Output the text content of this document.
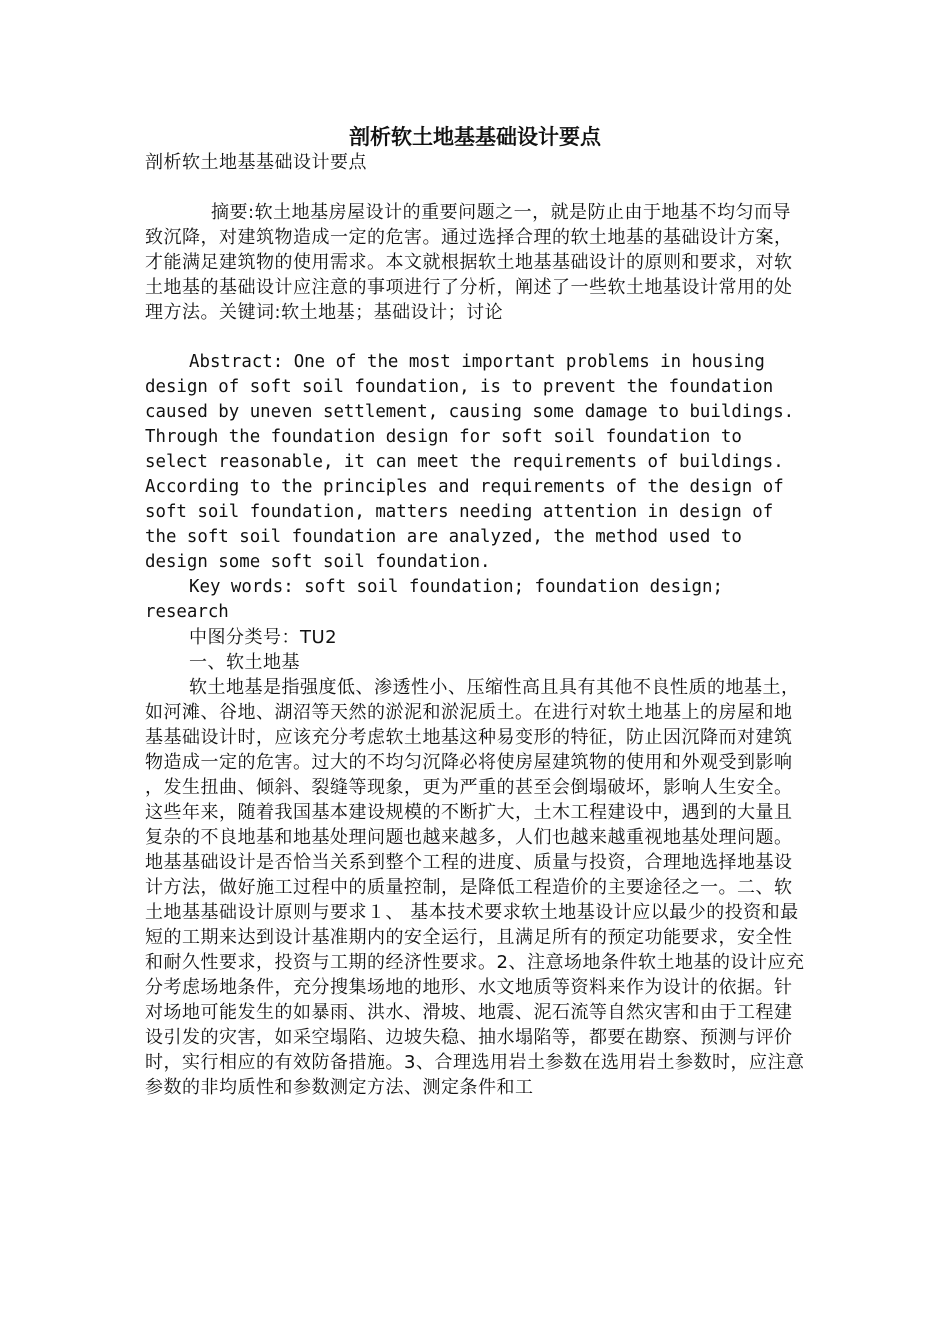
剖析软土地基基础设计要点

剖析软土地基基础设计要点

摘要:软土地基房屋设计的重要问题之一，就是防止由于地基不均匀而导致沉降，对建筑物造成一定的危害。通过选择合理的软土地基的基础设计方案，才能满足建筑物的使用需求。本文就根据软土地基基础设计的原则和要求，对软土地基的基础设计应注意的事项进行了分析，阐述了一些软土地基设计常用的处理方法。关键词:软土地基；基础设计；讨论

Abstract: One of the most important problems in housing design of soft soil foundation, is to prevent the foundation caused by uneven settlement, causing some damage to buildings. Through the foundation design for soft soil foundation to select reasonable, it can meet the requirements of buildings. According to the principles and requirements of the design of soft soil foundation, matters needing attention in design of the soft soil foundation are analyzed, the method used to design some soft soil foundation.

Key words: soft soil foundation; foundation design; research

中图分类号：TU2

一、软土地基

软土地基是指强度低、渗透性小、压缩性高且具有其他不良性质的地基土，如河滩、谷地、湖沼等天然的淤泥和淤泥质土。在进行对软土地基上的房屋和地基基础设计时，应该充分考虑软土地基这种易变形的特征，防止因沉降而对建筑物造成一定的危害。过大的不均匀沉降必将使房屋建筑物的使用和外观受到影响，发生扭曲、倾斜、裂缝等现象，更为严重的甚至会倒塌破坏，影响人生安全。这些年来，随着我国基本建设规模的不断扩大，土木工程建设中，遇到的大量且复杂的不良地基和地基处理问题也越来越多，人们也越来越重视地基处理问题。地基基础设计是否恰当关系到整个工程的进度、质量与投资，合理地选择地基设计方法，做好施工过程中的质量控制，是降低工程造价的主要途径之一。二、软土地基基础设计原则与要求１、 基本技术要求软土地基设计应以最少的投资和最短的工期来达到设计基准期内的安全运行，且满足所有的预定功能要求，安全性和耐久性要求，投资与工期的经济性要求。2、注意场地条件软土地基的设计应充分考虑场地条件，充分搜集场地的地形、水文地质等资料来作为设计的依据。针对场地可能发生的如暴雨、洪水、滑坡、地震、泥石流等自然灾害和由于工程建设引发的灾害，如采空塌陷、边坡失稳、抽水塌陷等，都要在勘察、预测与评价时，实行相应的有效防备措施。3、合理选用岩土参数在选用岩土参数时，应注意参数的非均质性和参数测定方法、测定条件和工
